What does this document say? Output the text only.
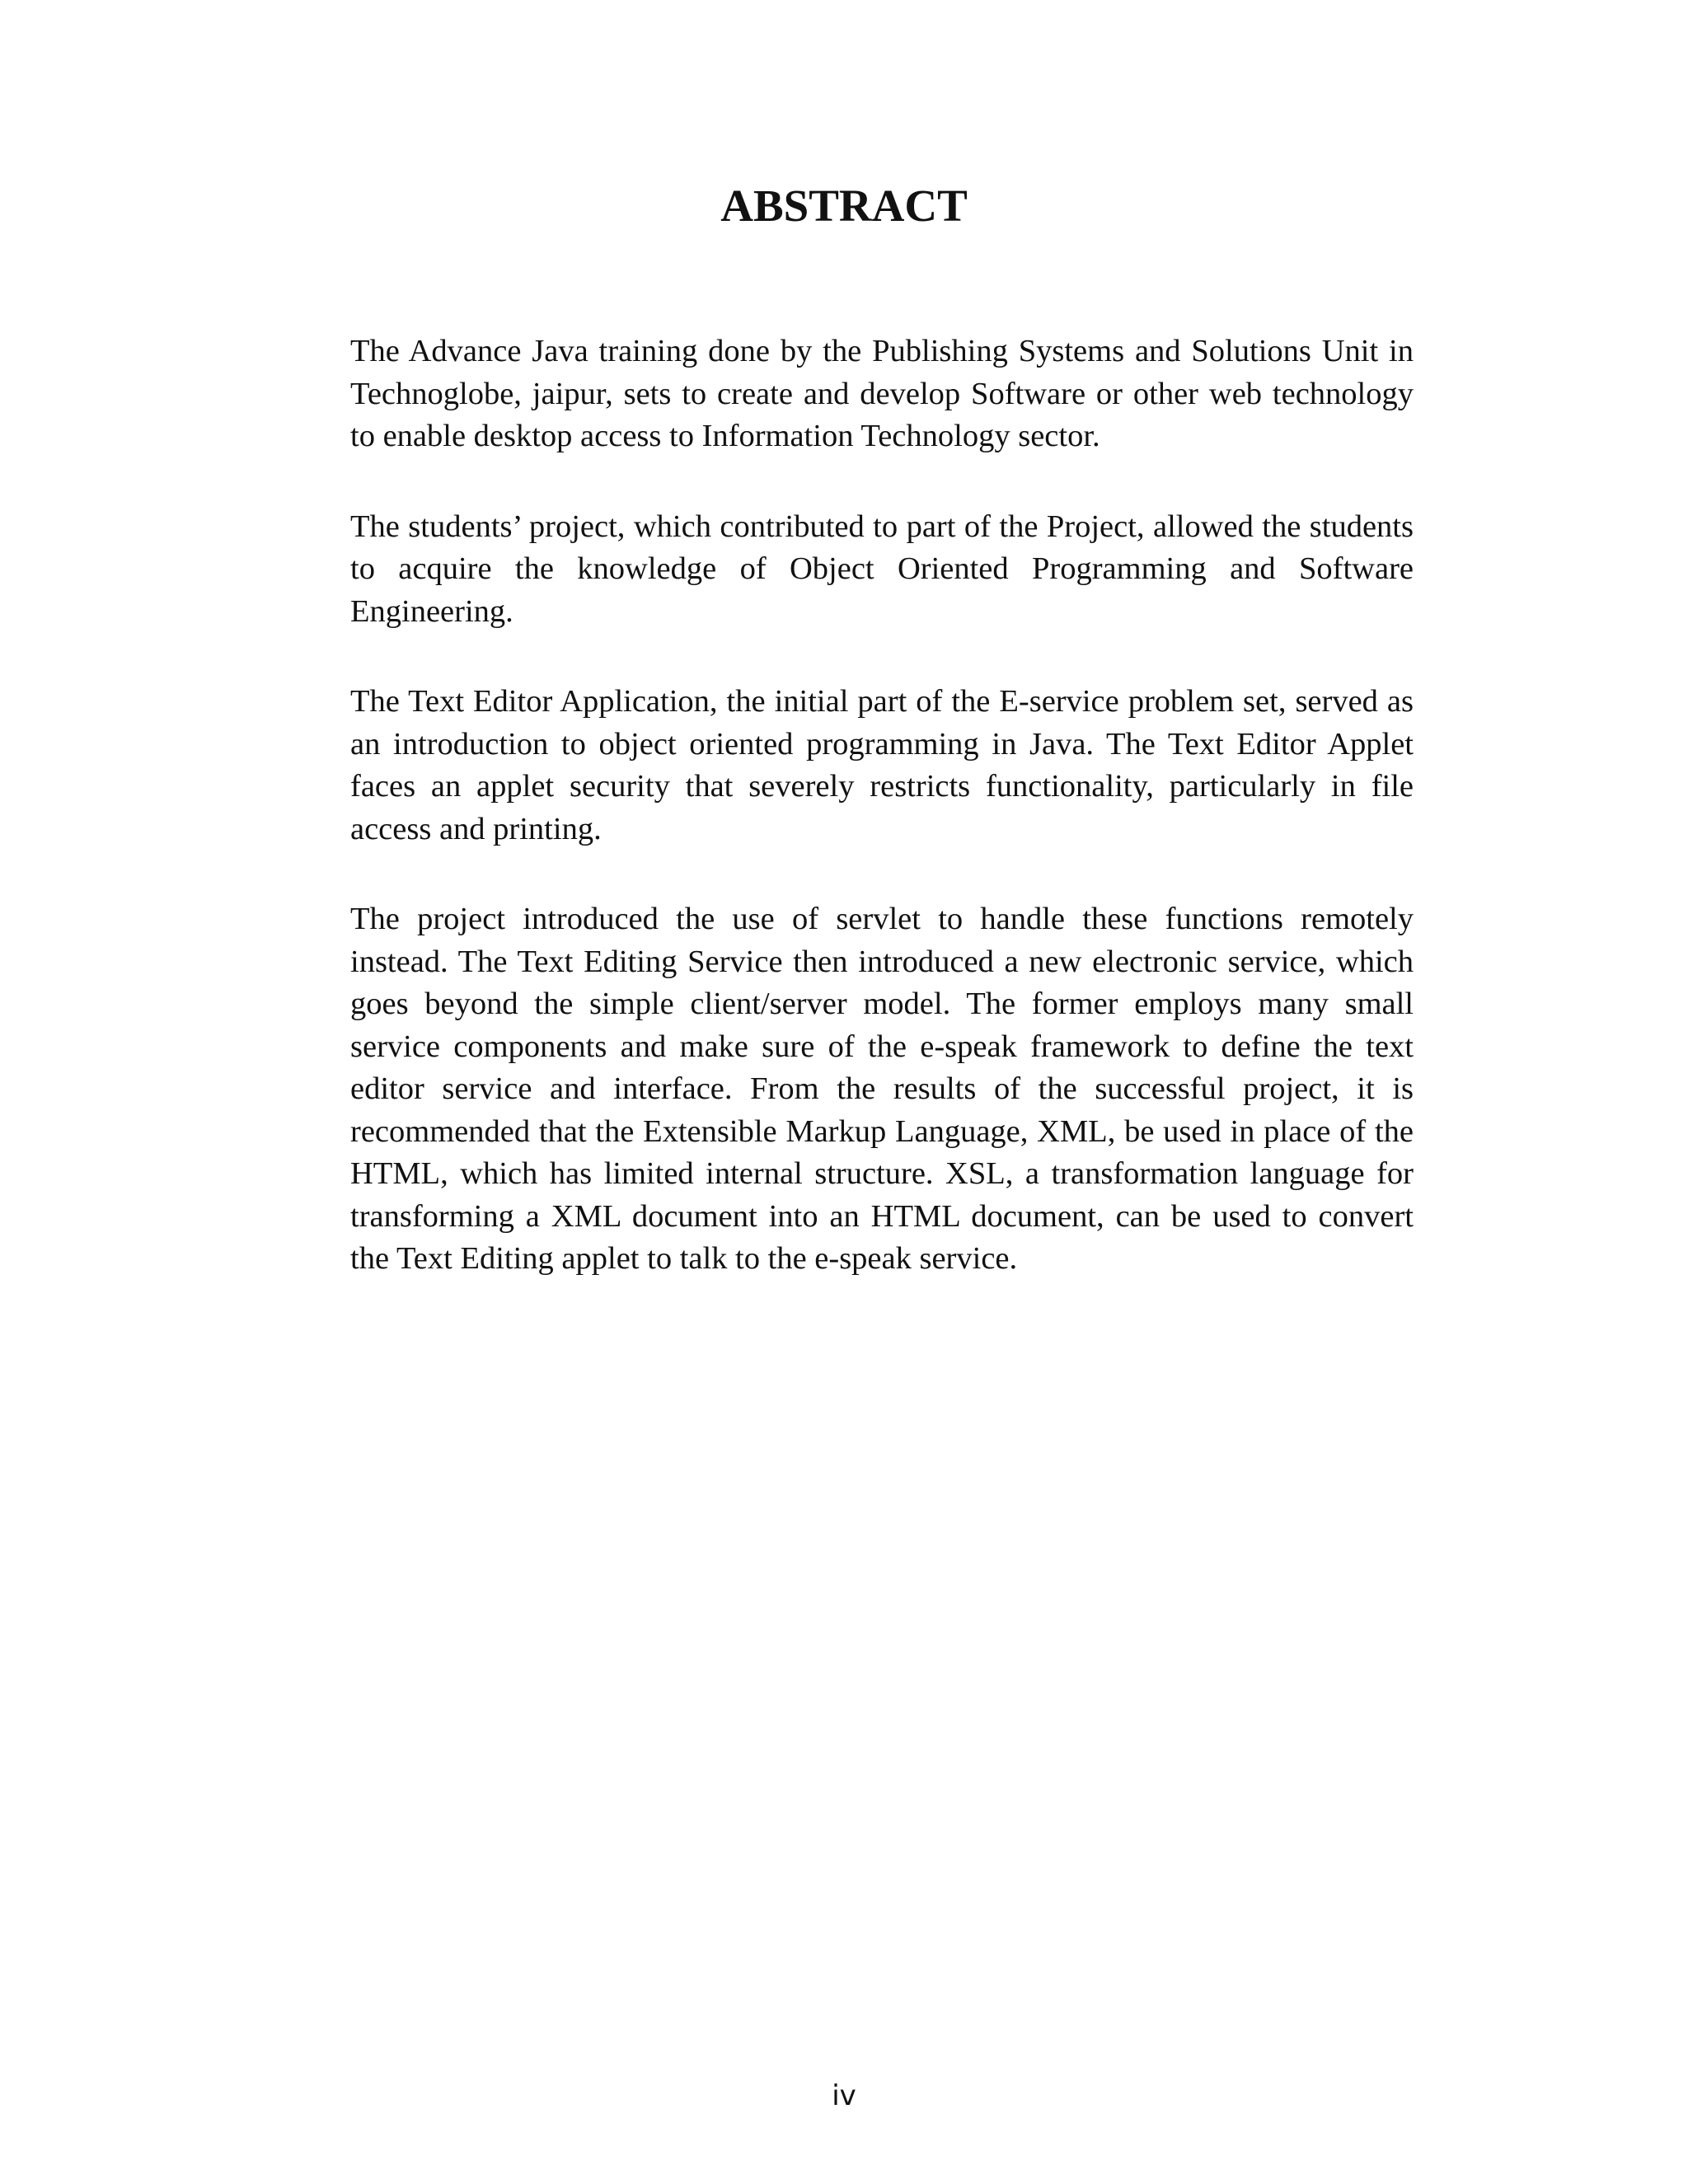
ABSTRACT

The Advance Java training done by the Publishing Systems and Solutions Unit in Technoglobe, jaipur, sets to create and develop Software or other web technology to enable desktop access to Information Technology sector.

The students’ project, which contributed to part of the Project, allowed the students to acquire the knowledge of Object Oriented Programming and Software Engineering.

The Text Editor Application, the initial part of the E-service problem set, served as an introduction to object oriented programming in Java. The Text Editor Applet faces an applet security that severely restricts functionality, particularly in file access and printing.

The project introduced the use of servlet to handle these functions remotely instead. The Text Editing Service then introduced a new electronic service, which goes beyond the simple client/server model. The former employs many small service components and make sure of the e-speak framework to define the text editor service and interface. From the results of the successful project, it is recommended that the Extensible Markup Language, XML, be used in place of the HTML, which has limited internal structure. XSL, a transformation language for transforming a XML document into an HTML document, can be used to convert the Text Editing applet to talk to the e-speak service.

iv
